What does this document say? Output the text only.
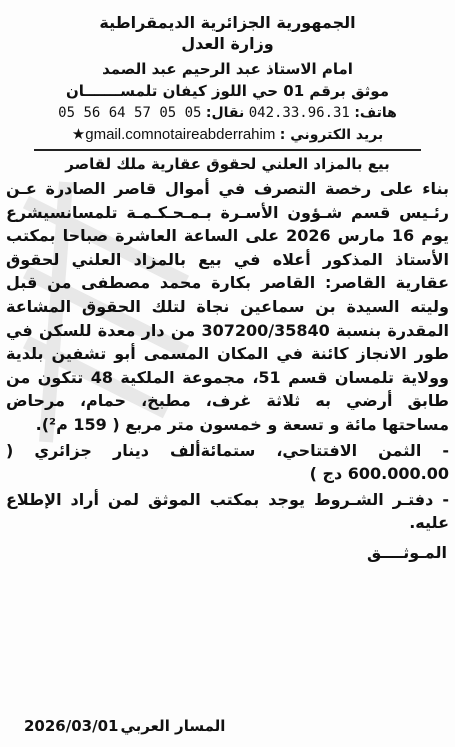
الجمهورية الجزائرية الديمقراطية
وزارة العدل
امام الاستاذ عبد الرحيم عبد الصمد
موثق برقم 01 حي اللوز كيفان تلمســـــــان
هاتف: 042.33.96.31 نقال: 05 56 64 57 05 05
بريد الكتروني : ★gmail.comnotaireabderrahim
بيع بالمزاد العلني لحقوق عقارية ملك لقاصر
بناء على رخصة التصرف في أموال قاصر الصادرة عـن رئـيس قسم شـؤون الأسـرة بـمـحـكـمـة تلمسانسيشرع يوم 16 مارس 2026 على الساعة العاشرة صباحا بمكتب الأستاذ المذكور أعلاه في بيع بالمزاد العلني لحقوق عقارية القاصر: القاصر بكارة محمد مصطفى من قبل وليته السيدة بن سماعين نجاة لتلك الحقوق المشاعة المقدرة بنسبة 307200/35840 من دار معدة للسكن في طور الانجاز كائنة في المكان المسمى أبو تشفين بلدية وولاية تلمسان قسم 51، مجموعة الملكية 48 تتكون من طابق أرضي به ثلاثة غرف، مطبخ، حمام، مرحاض مساحتها مائة و تسعة و خمسون متر مربع ( 159 م²).
- الثمن الافتتاحي، ستمائةألف دينار جزائري ( 600.000.00 دج )
- دفتـر الشـروط يوجد بمكتب الموثق لمن أراد الإطلاع عليه.
المـوثــــق
2026/03/01 المسار العربي
